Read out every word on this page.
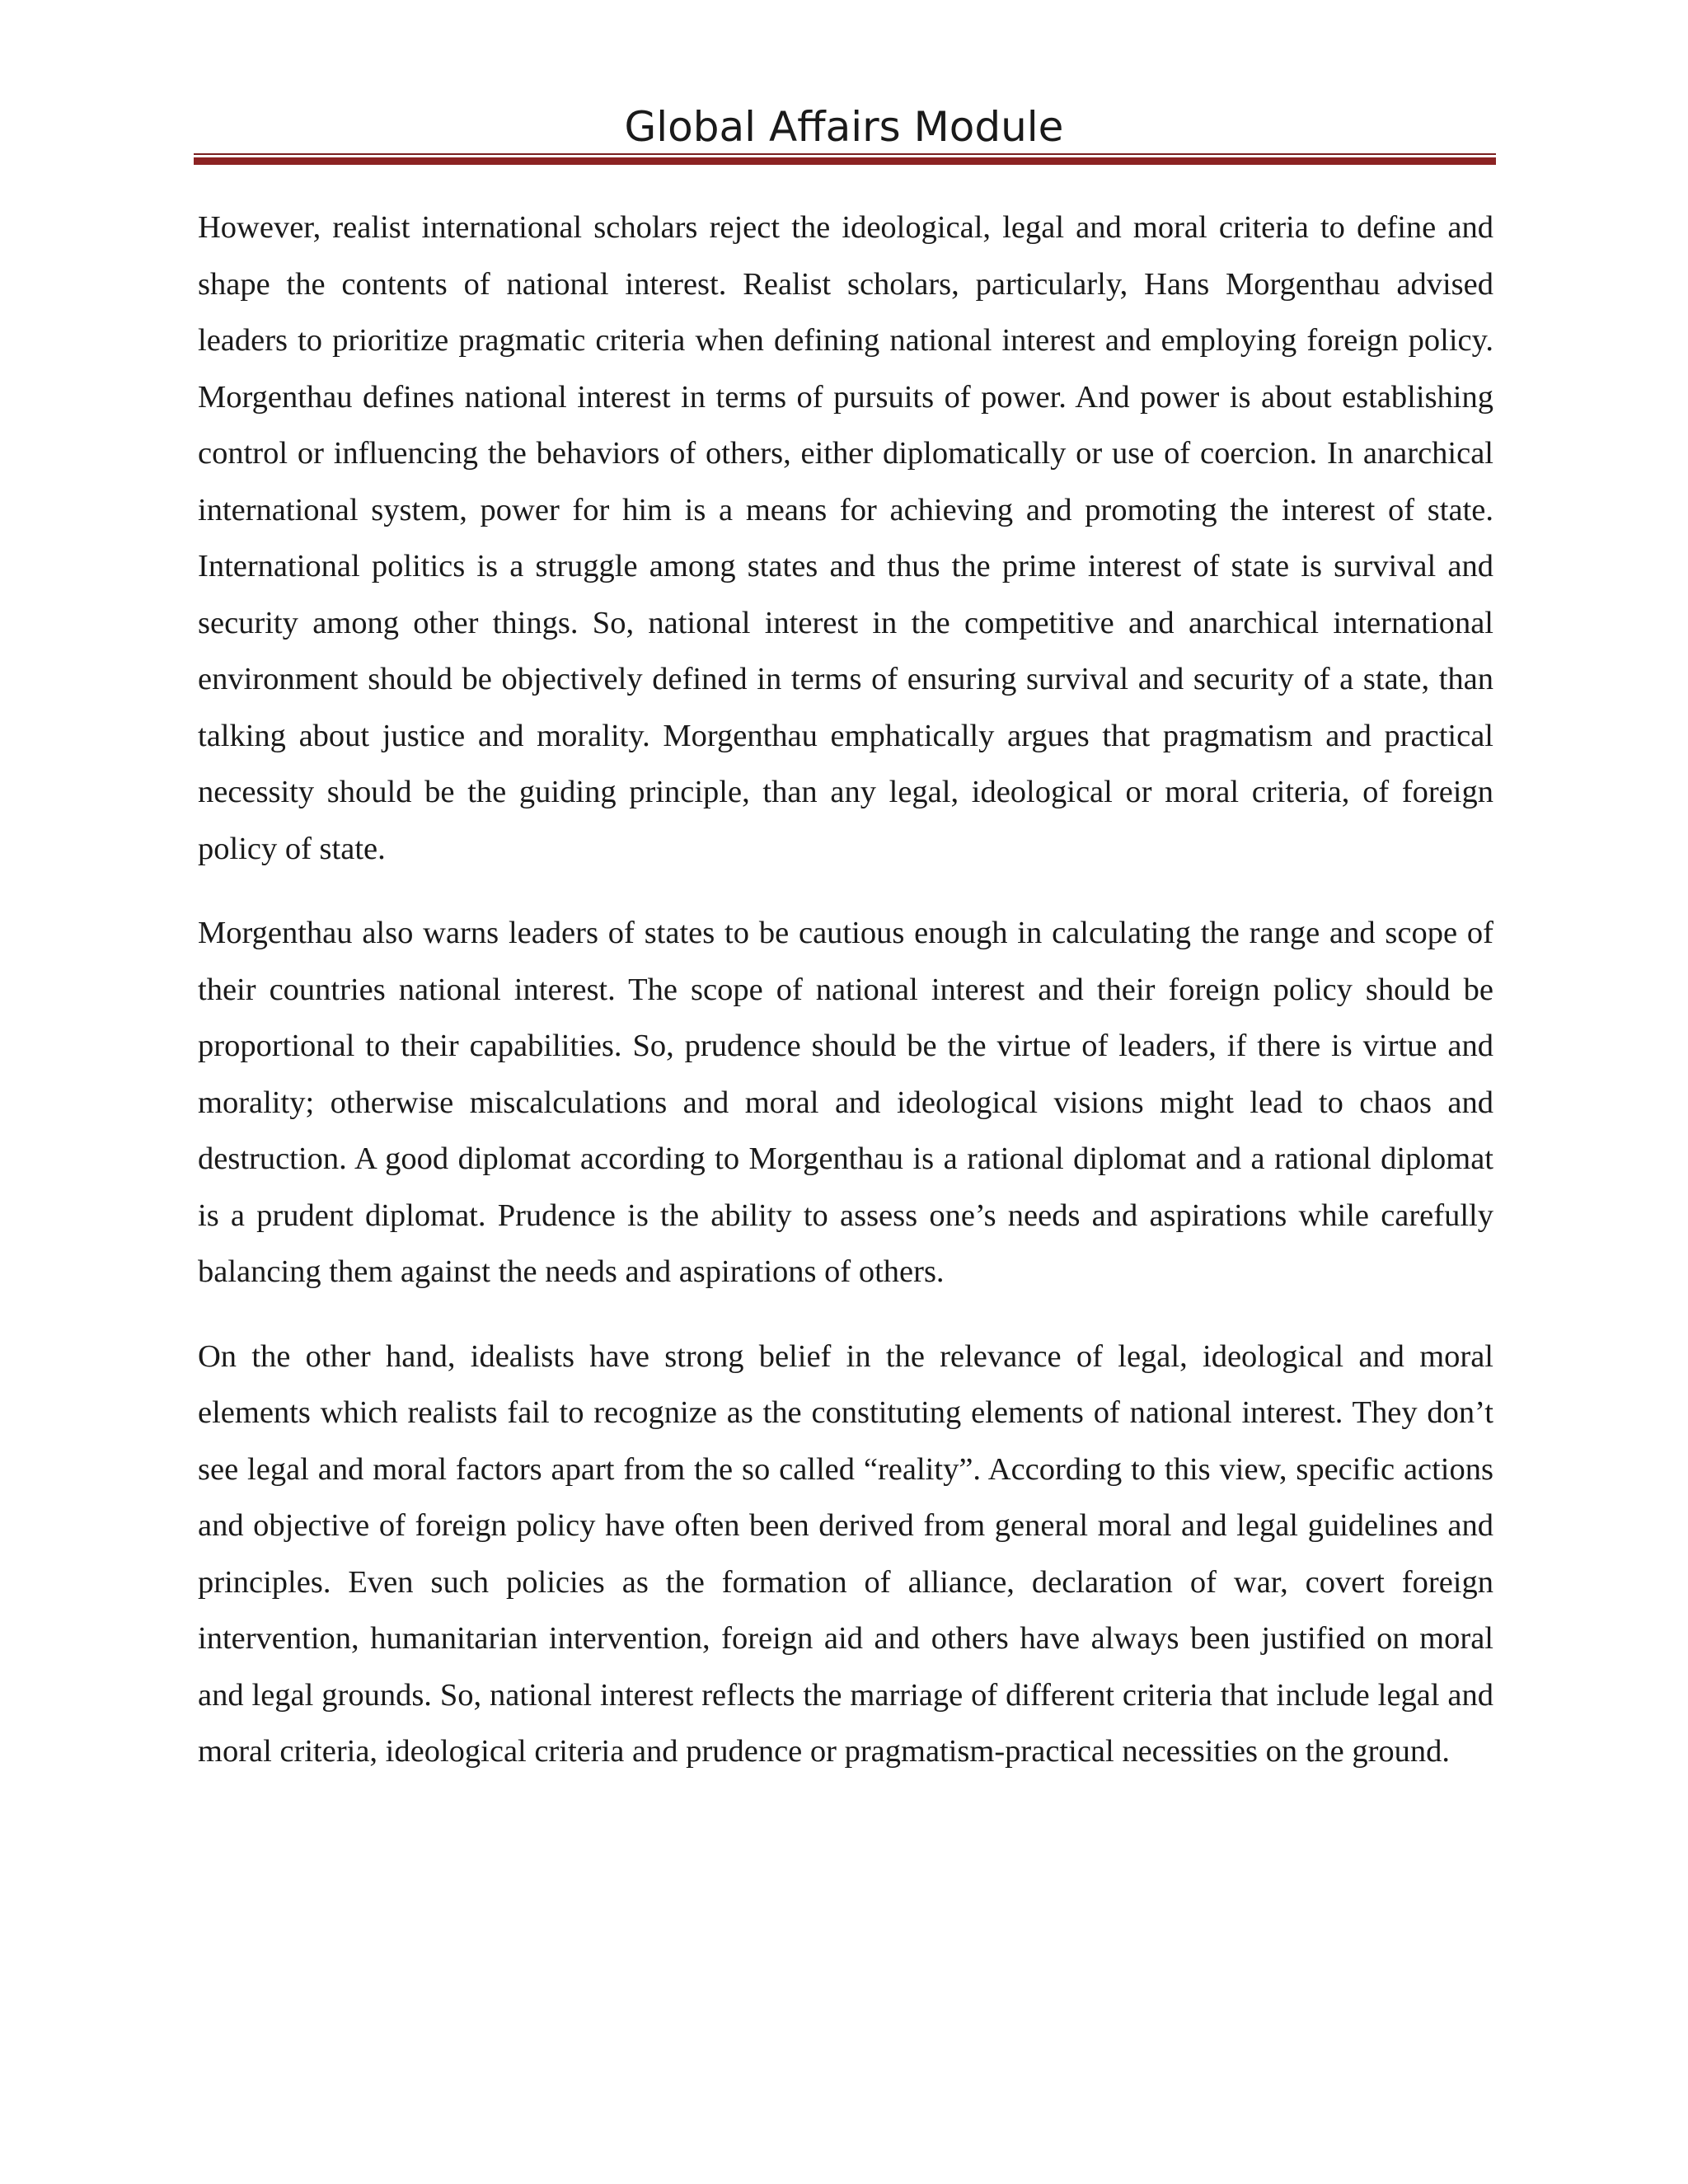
Global Affairs Module

However, realist international scholars reject the ideological, legal and moral criteria to define and shape the contents of national interest. Realist scholars, particularly, Hans Morgenthau advised leaders to prioritize pragmatic criteria when defining national interest and employing foreign policy. Morgenthau defines national interest in terms of pursuits of power. And power is about establishing control or influencing the behaviors of others, either diplomatically or use of coercion. In anarchical international system, power for him is a means for achieving and promoting the interest of state. International politics is a struggle among states and thus the prime interest of state is survival and security among other things. So, national interest in the competitive and anarchical international environment should be objectively defined in terms of ensuring survival and security of a state, than talking about justice and morality. Morgenthau emphatically argues that pragmatism and practical necessity should be the guiding principle, than any legal, ideological or moral criteria, of foreign policy of state.

Morgenthau also warns leaders of states to be cautious enough in calculating the range and scope of their countries national interest. The scope of national interest and their foreign policy should be proportional to their capabilities. So, prudence should be the virtue of leaders, if there is virtue and morality; otherwise miscalculations and moral and ideological visions might lead to chaos and destruction. A good diplomat according to Morgenthau is a rational diplomat and a rational diplomat is a prudent diplomat. Prudence is the ability to assess one’s needs and aspirations while carefully balancing them against the needs and aspirations of others.

On the other hand, idealists have strong belief in the relevance of legal, ideological and moral elements which realists fail to recognize as the constituting elements of national interest. They don’t see legal and moral factors apart from the so called “reality”. According to this view, specific actions and objective of foreign policy have often been derived from general moral and legal guidelines and principles. Even such policies as the formation of alliance, declaration of war, covert foreign intervention, humanitarian intervention, foreign aid and others have always been justified on moral and legal grounds. So, national interest reflects the marriage of different criteria that include legal and moral criteria, ideological criteria and prudence or pragmatism-practical necessities on the ground.
